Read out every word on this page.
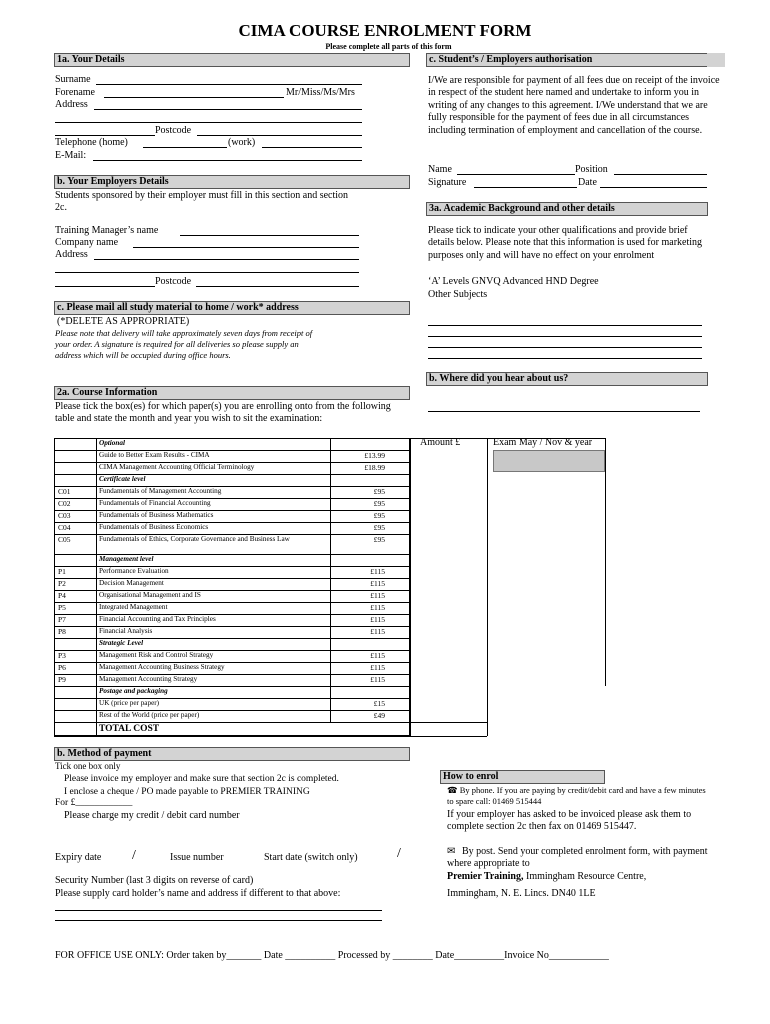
CIMA COURSE ENROLMENT FORM
Please complete all parts of this form
1a. Your Details
Surname
Forename	Mr/Miss/Ms/Mrs
Address
Postcode
Telephone (home)	(work)
E-Mail:
b. Your Employers Details
Students sponsored by their employer must fill in this section and section 2c.
Training Manager’s name
Company name
Address
Postcode
c. Please mail all study material to home / work* address
(*DELETE AS APPROPRIATE)
Please note that delivery will take approximately seven days from receipt of your order. A signature is required for all deliveries so please supply an address which will be occupied during office hours.
2a. Course Information
Please tick the box(es) for which paper(s) you are enrolling onto from the following table and state the month and year you wish to sit the examination:
Amount £	Exam May / Nov & year
Optional
Guide to Better Exam Results - CIMA	£13.99
CIMA Management Accounting Official Terminology	£18.99
Certificate level
C01	Fundamentals of Management Accounting	£95
C02	Fundamentals of Financial Accounting	£95
C03	Fundamentals of Business Mathematics	£95
C04	Fundamentals of Business Economics	£95
C05	Fundamentals of Ethics, Corporate Governance and Business Law	£95
Management level
P1	Performance Evaluation	£115
P2	Decision Management	£115
P4	Organisational Management and IS	£115
P5	Integrated Management	£115
P7	Financial Accounting and Tax Principles	£115
P8	Financial Analysis	£115
Strategic Level
P3	Management Risk and Control Strategy	£115
P6	Management Accounting Business Strategy	£115
P9	Management Accounting Strategy	£115
Postage and packaging
UK (price per paper)	£15
Rest of the World (price per paper)	£49
TOTAL COST
b. Method of payment
Tick one box only
Please invoice my employer and make sure that section 2c is completed.
I enclose a cheque / PO made payable to PREMIER TRAINING
For £____________
Please charge my credit / debit card number
Expiry date /	Issue number	Start date (switch only)	/
Security Number (last 3 digits on reverse of card)
Please supply card holder’s name and address if different to that above:
c. Student’s / Employers authorisation
I/We are responsible for payment of all fees due on receipt of the invoice in respect of the student here named and undertake to inform you in writing of any changes to this agreement. I/We understand that we are fully responsible for the payment of fees due in all circumstances including termination of employment and cancellation of the course.
Name	Position
Signature	Date
3a. Academic Background and other details
Please tick to indicate your other qualifications and provide brief details below. Please note that this information is used for marketing purposes only and will have no effect on your enrolment
‘A’ Levels GNVQ Advanced HND Degree
Other Subjects
b. Where did you hear about us?
How to enrol
☎ By phone. If you are paying by credit/debit card and have a few minutes to spare call: 01469 515444
If your employer has asked to be invoiced please ask them to complete section 2c then fax on 01469 515447.
✉ By post. Send your completed enrolment form, with payment where appropriate to
Premier Training, Immingham Resource Centre,
Immingham, N. E. Lincs. DN40 1LE
FOR OFFICE USE ONLY: Order taken by_______ Date __________ Processed by ________ Date__________Invoice No____________
